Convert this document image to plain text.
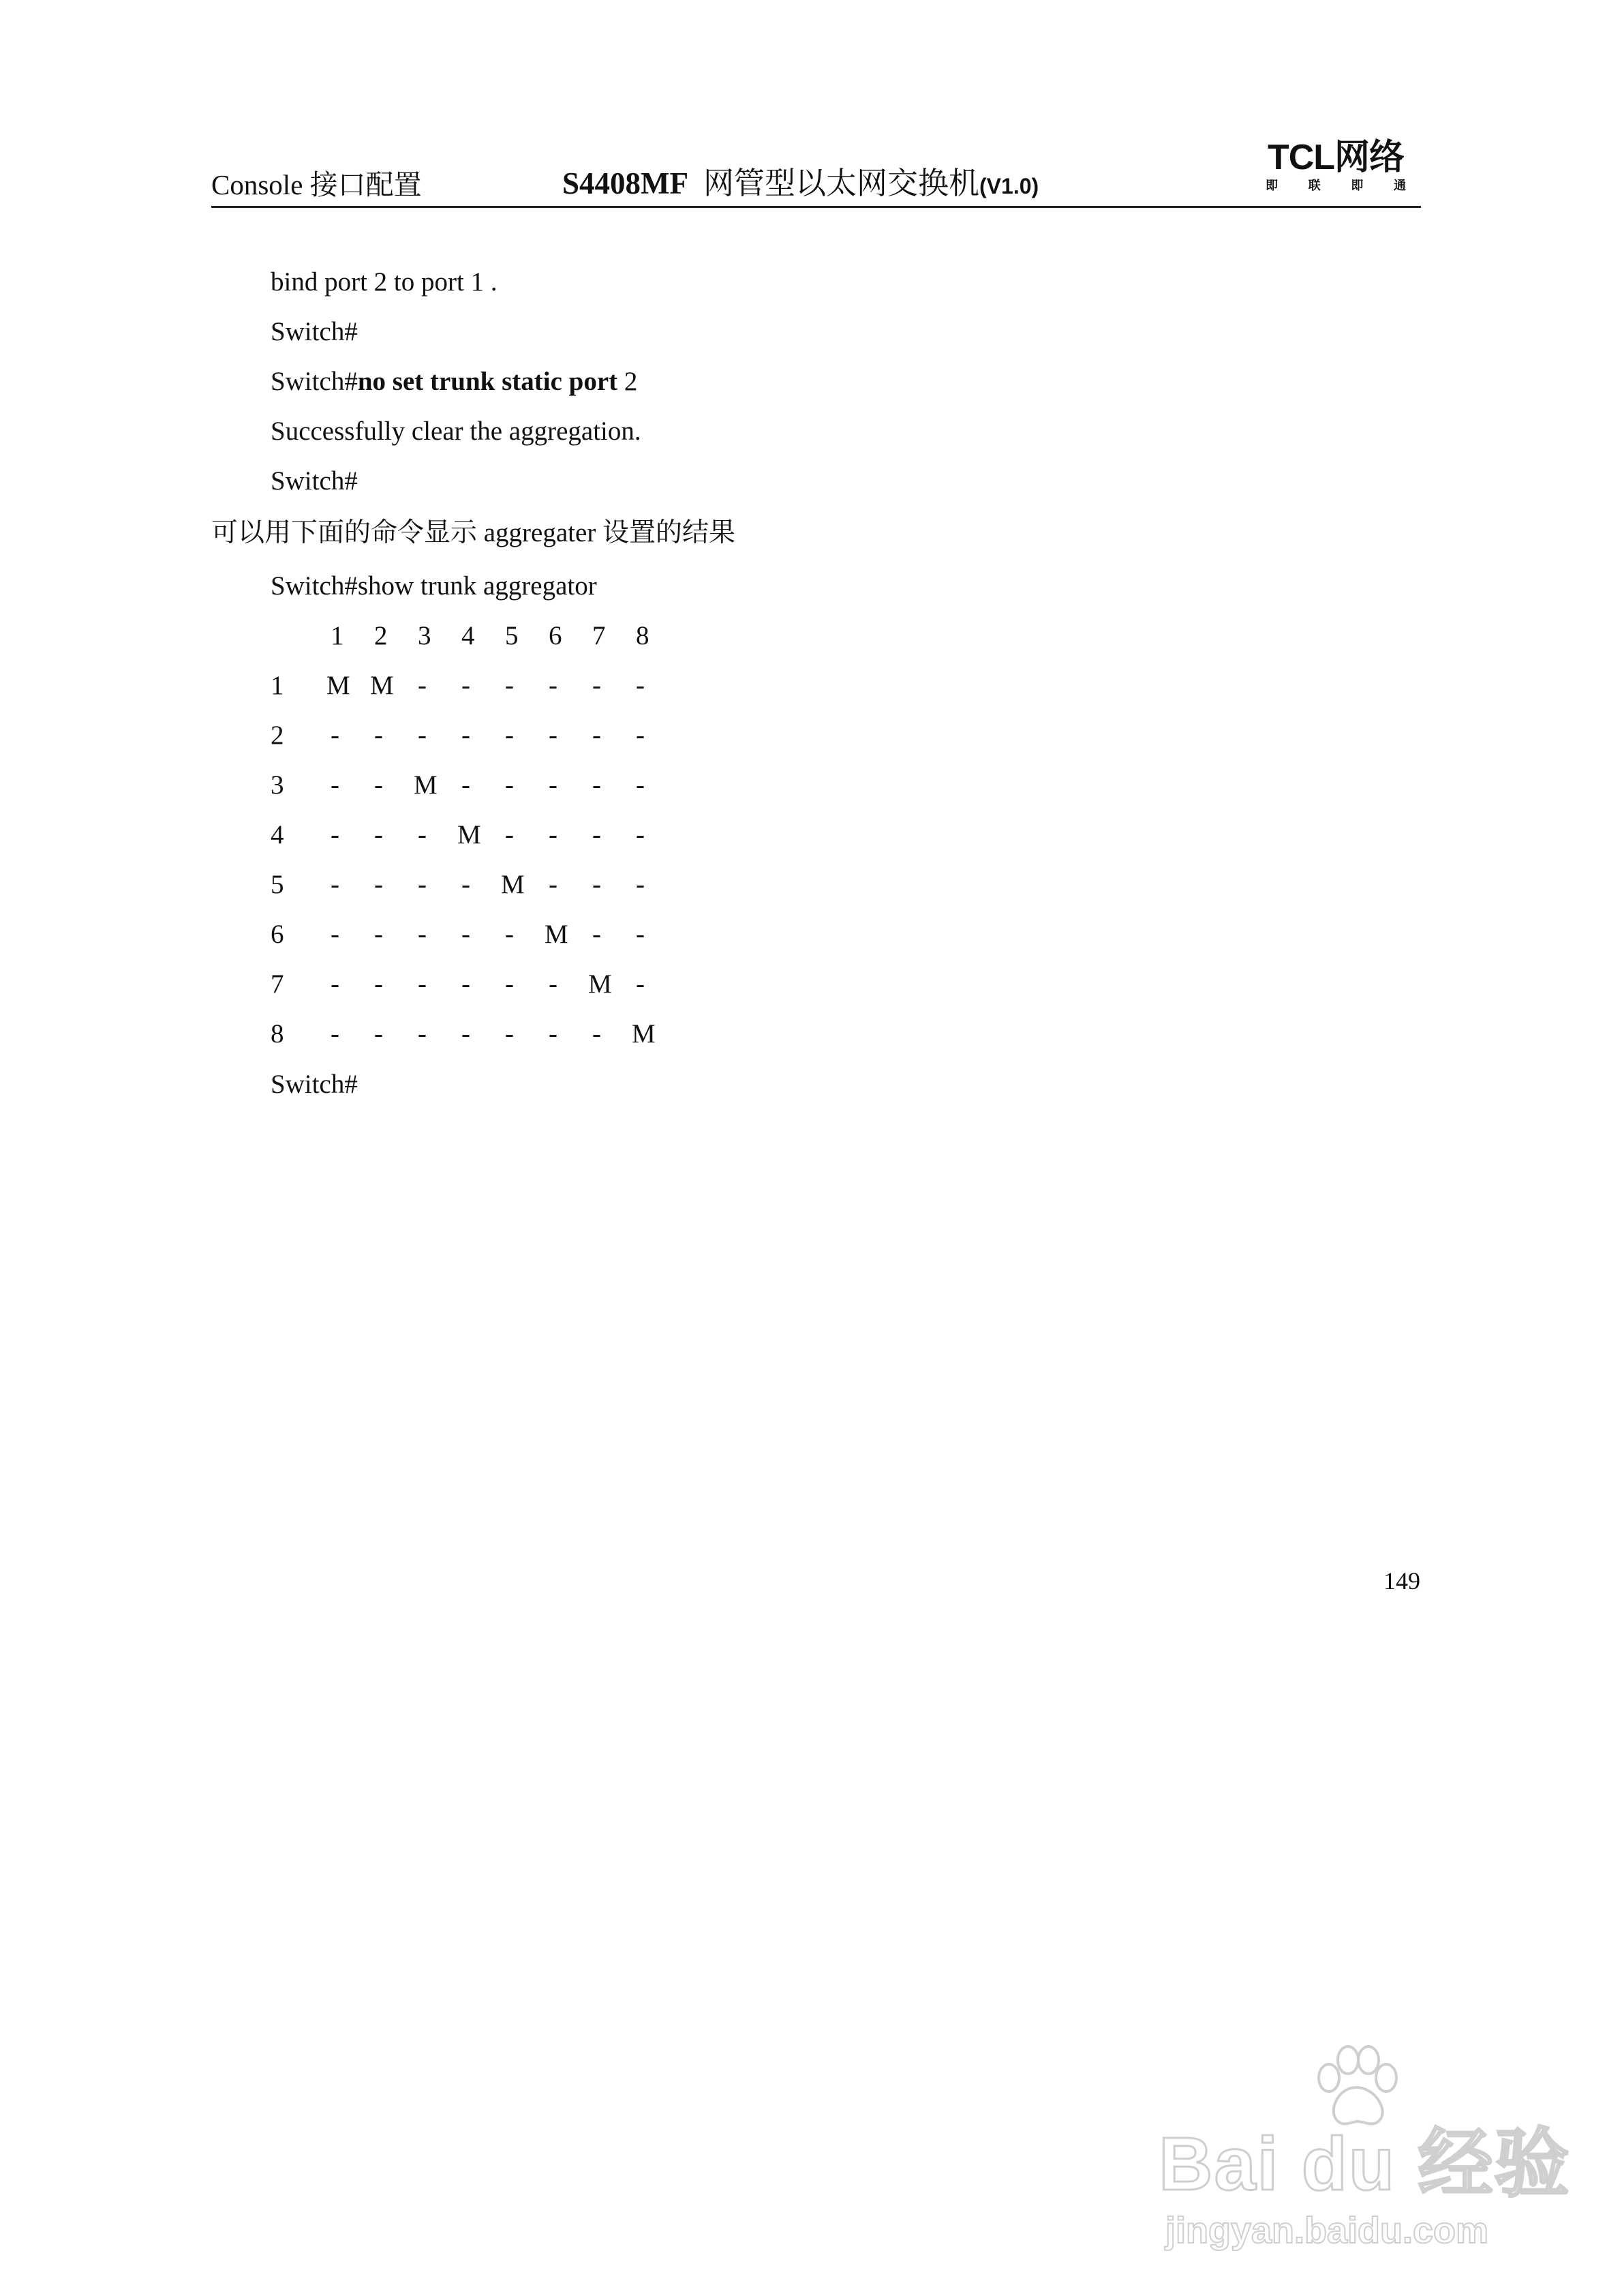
Console 接口配置	S4408MF 网管型以太网交换机(V1.0)
TCL网络
即 联 即 通
bind port 2 to port 1 .
Switch#
Switch#no set trunk static port 2
Successfully clear the aggregation.
Switch#
可以用下面的命令显示 aggregater 设置的结果
Switch#show trunk aggregator
1 2 3 4 5 6 7 8
1 M M - - - - - -
2 - - - - - - - -
3 - - M - - - - -
4 - - - M - - - -
5 - - - - M - - -
6 - - - - - M - -
7 - - - - - - M -
8 - - - - - - - M
Switch#
149
Bai du 经验
jingyan.baidu.com
